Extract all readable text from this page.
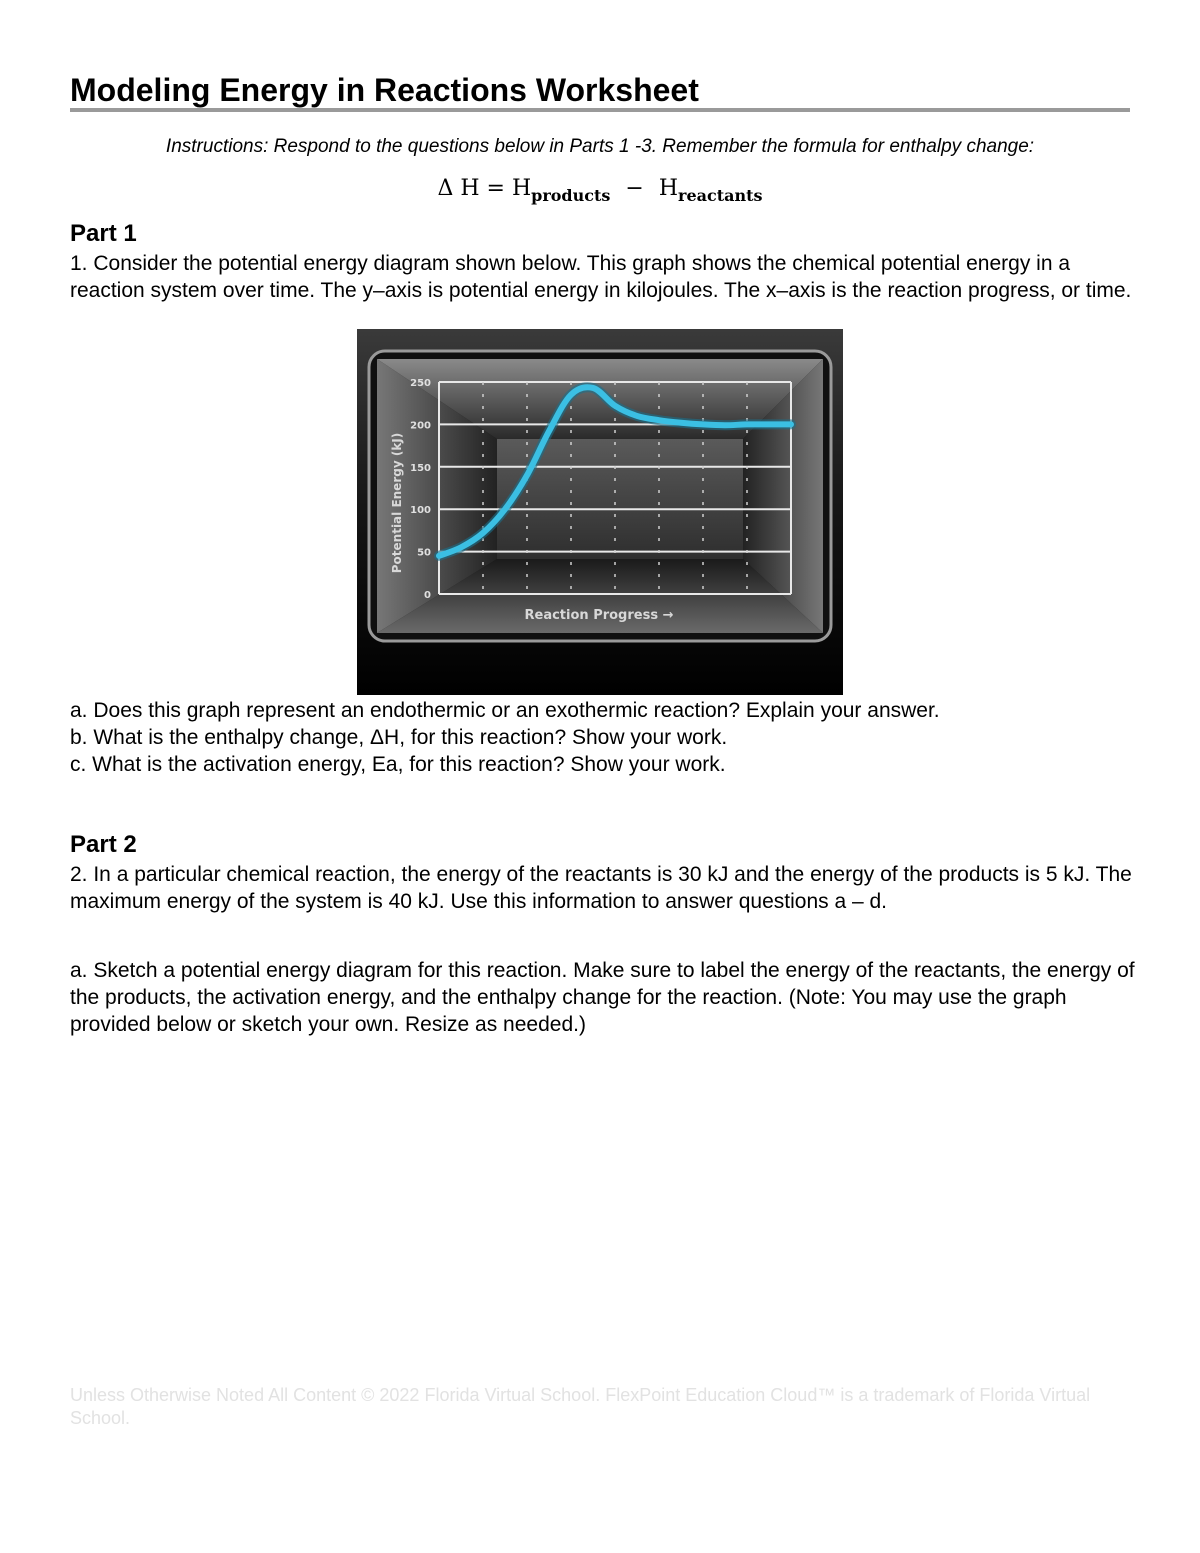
Modeling Energy in Reactions Worksheet
Instructions: Respond to the questions below in Parts 1 -3. Remember the formula for enthalpy change:
Δ $H = H_{products} - H_{reactants}$
Part 1
1. Consider the potential energy diagram shown below. This graph shows the chemical potential energy in a reaction system over time. The y–axis is potential energy in kilojoules. The x–axis is the reaction progress, or time.
0
50
100
150
200
250
Potential Energy (kJ)
Reaction Progress →
a. Does this graph represent an endothermic or an exothermic reaction? Explain your answer.
b. What is the enthalpy change, ΔH, for this reaction? Show your work.
c. What is the activation energy, Ea, for this reaction? Show your work.
Part 2
2. In a particular chemical reaction, the energy of the reactants is 30 kJ and the energy of the products is 5 kJ. The maximum energy of the system is 40 kJ. Use this information to answer questions a – d.
a. Sketch a potential energy diagram for this reaction. Make sure to label the energy of the reactants, the energy of the products, the activation energy, and the enthalpy change for the reaction. (Note: You may use the graph provided below or sketch your own. Resize as needed.)
Unless Otherwise Noted All Content © 2022 Florida Virtual School. FlexPoint Education Cloud™ is a trademark of Florida Virtual School.
